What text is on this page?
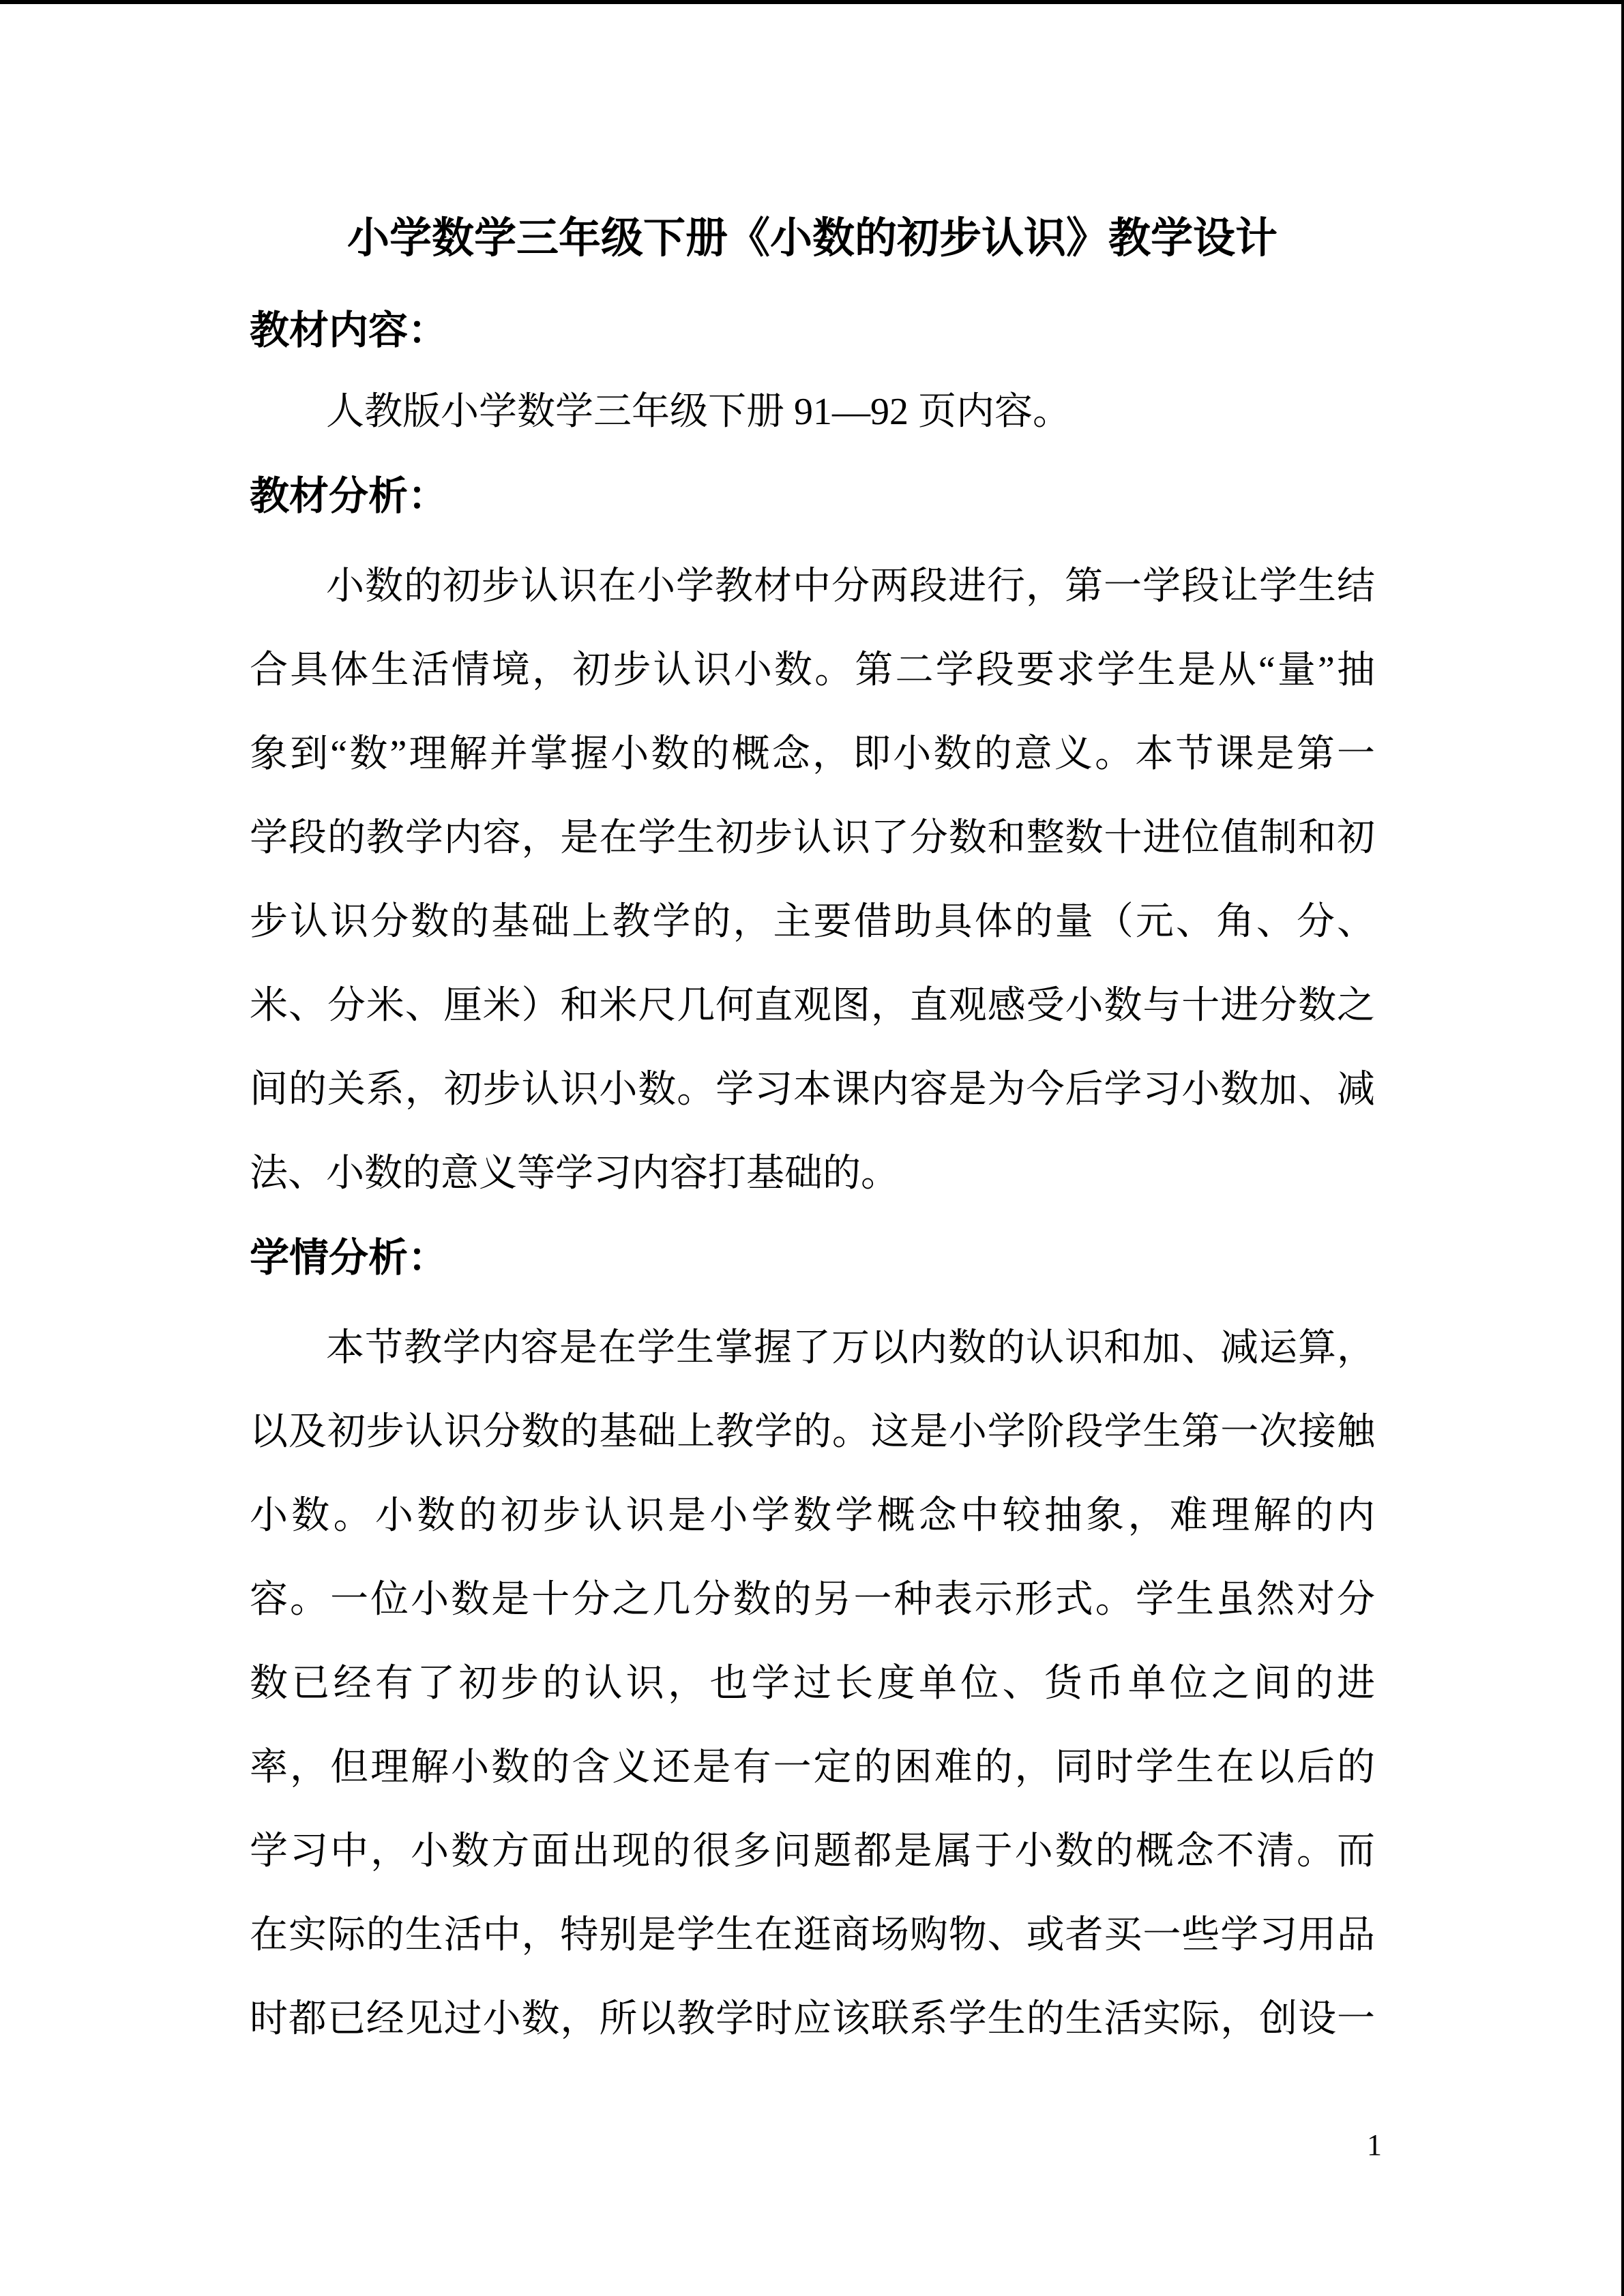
小学数学三年级下册《小数的初步认识》教学设计
教材内容：
人教版小学数学三年级下册 91—92 页内容。
教材分析：
小数的初步认识在小学教材中分两段进行，第一学段让学生结
合具体生活情境，初步认识小数。第二学段要求学生是从“量”抽
象到“数”理解并掌握小数的概念，即小数的意义。本节课是第一
学段的教学内容，是在学生初步认识了分数和整数十进位值制和初
步认识分数的基础上教学的，主要借助具体的量（元、角、分、
米、分米、厘米）和米尺几何直观图，直观感受小数与十进分数之
间的关系，初步认识小数。学习本课内容是为今后学习小数加、减
法、小数的意义等学习内容打基础的。
学情分析：
本节教学内容是在学生掌握了万以内数的认识和加、减运算，
以及初步认识分数的基础上教学的。这是小学阶段学生第一次接触
小数。小数的初步认识是小学数学概念中较抽象，难理解的内
容。一位小数是十分之几分数的另一种表示形式。学生虽然对分
数已经有了初步的认识，也学过长度单位、货币单位之间的进
率，但理解小数的含义还是有一定的困难的，同时学生在以后的
学习中，小数方面出现的很多问题都是属于小数的概念不清。而
在实际的生活中，特别是学生在逛商场购物、或者买一些学习用品
时都已经见过小数，所以教学时应该联系学生的生活实际，创设一
1
